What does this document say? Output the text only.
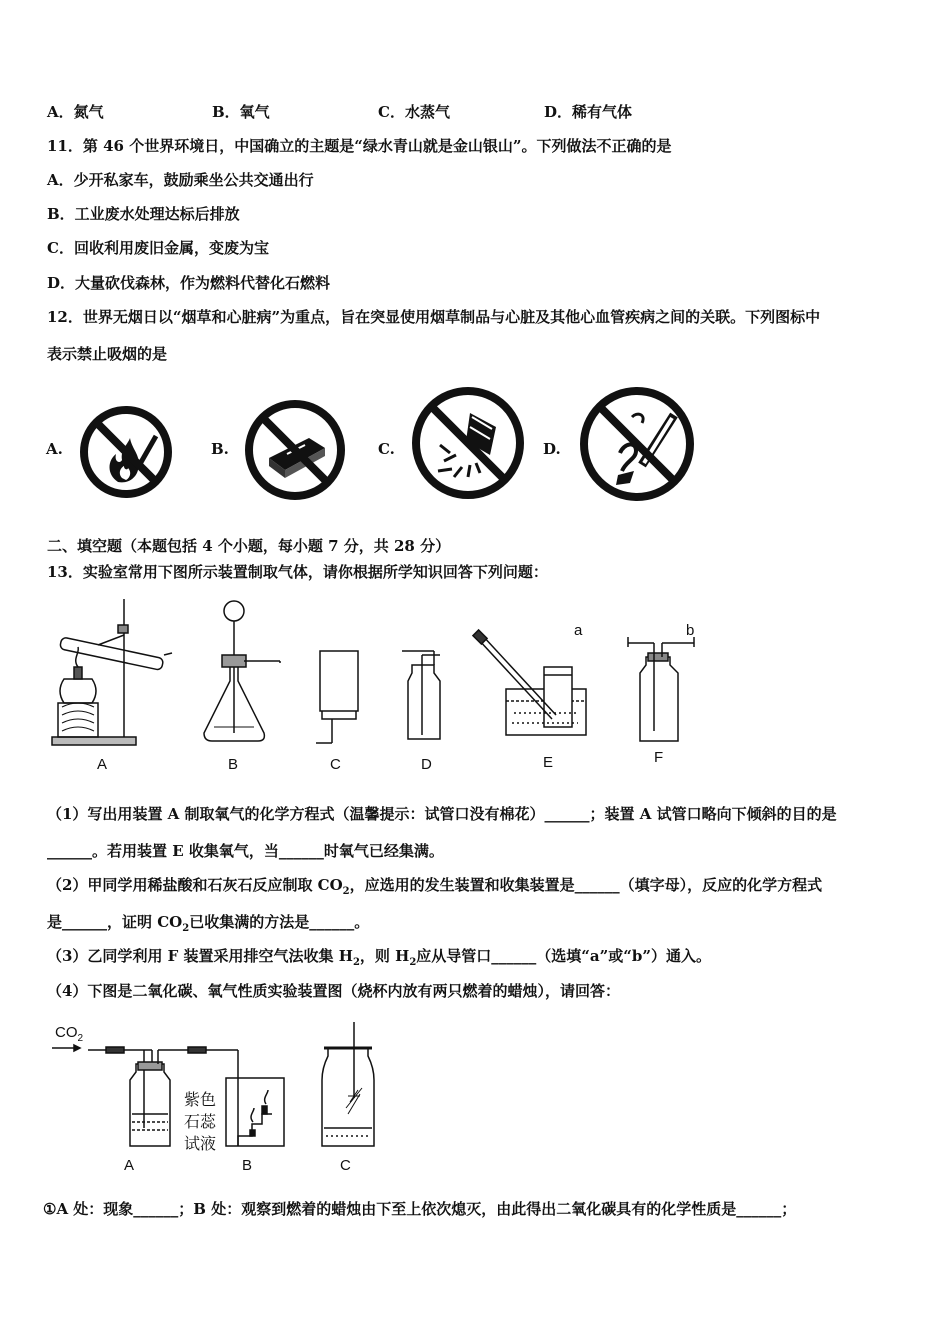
A．氮气	B．氧气	C．水蒸气	D．稀有气体
11．第 46 个世界环境日，中国确立的主题是“绿水青山就是金山银山”。下列做法不正确的是
A．少开私家车，鼓励乘坐公共交通出行
B．工业废水处理达标后排放
C．回收利用废旧金属，变废为宝
D．大量砍伐森林，作为燃料代替化石燃料
12．世界无烟日以“烟草和心脏病”为重点，旨在突显使用烟草制品与心脏及其他心血管疾病之间的关联。下列图标中
表示禁止吸烟的是
A.	B.	C.	D.
二、填空题（本题包括 4 个小题，每小题 7 分，共 28 分）
13．实验室常用下图所示装置制取气体，请你根据所学知识回答下列问题：
a	b
A	B	C	D	E	F
（1）写出用装置 A 制取氧气的化学方程式（温馨提示：试管口没有棉花）______；装置 A 试管口略向下倾斜的目的是
______。若用装置 E 收集氧气，当______时氧气已经集满。
（2）甲同学用稀盐酸和石灰石反应制取 $CO_2$，应选用的发生装置和收集装置是______（填字母），反应的化学方程式
是______，证明 $CO_2$已收集满的方法是______。
（3）乙同学利用 F 装置采用排空气法收集 $H_2$，则 $H_2$应从导管口______（选填“a”或“b”）通入。
（4）下图是二氧化碳、氧气性质实验装置图（烧杯内放有两只燃着的蜡烛），请回答：
$CO_2$
紫色
石蕊
试液
A	B	C
①A 处：现象______；B 处：观察到燃着的蜡烛由下至上依次熄灭，由此得出二氧化碳具有的化学性质是______；
